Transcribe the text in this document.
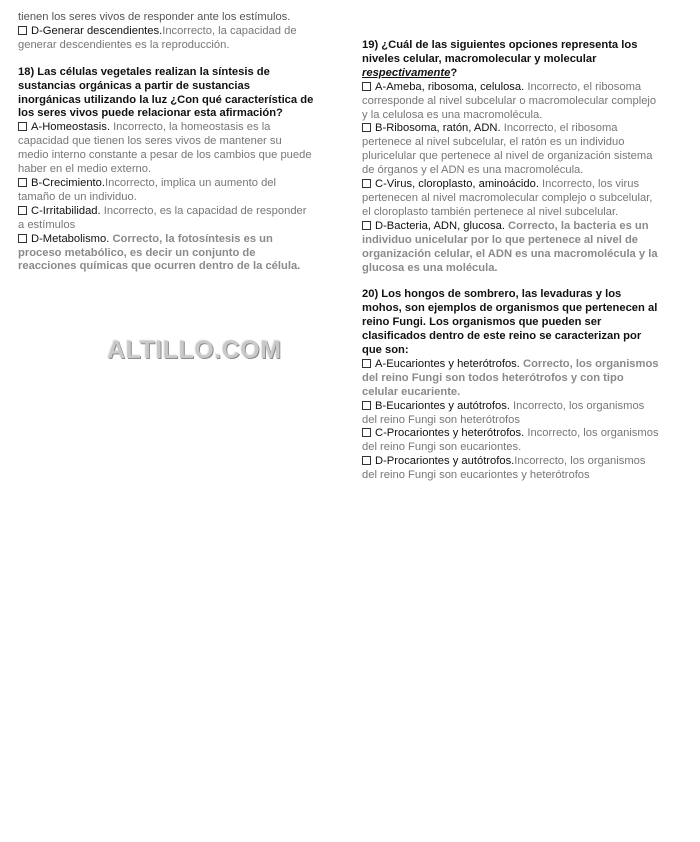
tienen los seres vivos de responder ante los estímulos.

D-Generar descendientes.Incorrecto, la capacidad de generar descendientes es la reproducción.

18) Las células vegetales realizan la síntesis de sustancias orgánicas a partir de sustancias inorgánicas utilizando la luz ¿Con qué característica de los seres vivos puede relacionar esta afirmación?

A-Homeostasis. Incorrecto, la homeostasis es la capacidad que tienen los seres vivos de mantener su medio interno constante a pesar de los cambios que puede haber en el medio externo.

B-Crecimiento.Incorrecto, implica un aumento del tamaño de un individuo.

C-Irritabilidad. Incorrecto, es la capacidad de responder a estímulos

D-Metabolismo. Correcto, la fotosíntesis es un proceso metabólico, es decir un conjunto de reacciones químicas que ocurren dentro de la célula.

ALTILLO.COM

19) ¿Cuál de las siguientes opciones representa los niveles celular, macromolecular y molecular respectivamente?

A-Ameba, ribosoma, celulosa. Incorrecto, el ribosoma corresponde al nivel subcelular o macromolecular complejo y la celulosa es una macromolécula.

B-Ribosoma, ratón, ADN. Incorrecto, el ribosoma pertenece al nivel subcelular, el ratón es un individuo pluricelular que pertenece al nivel de organización sistema de órganos y el ADN es una macromolécula.

C-Virus, cloroplasto, aminoácido. Incorrecto, los virus pertenecen al nivel macromolecular complejo o subcelular, el cloroplasto también pertenece al nivel subcelular.

D-Bacteria, ADN, glucosa. Correcto, la bacteria es un individuo unicelular por lo que pertenece al nivel de organización celular, el ADN es una macromolécula y la glucosa es una molécula.

20) Los hongos de sombrero, las levaduras y los mohos, son ejemplos de organismos que pertenecen al reino Fungi. Los organismos que pueden ser clasificados dentro de este reino se caracterizan por que son:

A-Eucariontes y heterótrofos. Correcto, los organismos del reino Fungi son todos heterótrofos y con tipo celular eucariente.

B-Eucariontes y autótrofos. Incorrecto, los organismos del reino Fungi son heterótrofos

C-Procariontes y heterótrofos. Incorrecto, los organismos del reino Fungi son eucariontes.

D-Procariontes y autótrofos.Incorrecto, los organismos del reino Fungi son eucariontes y heterótrofos
